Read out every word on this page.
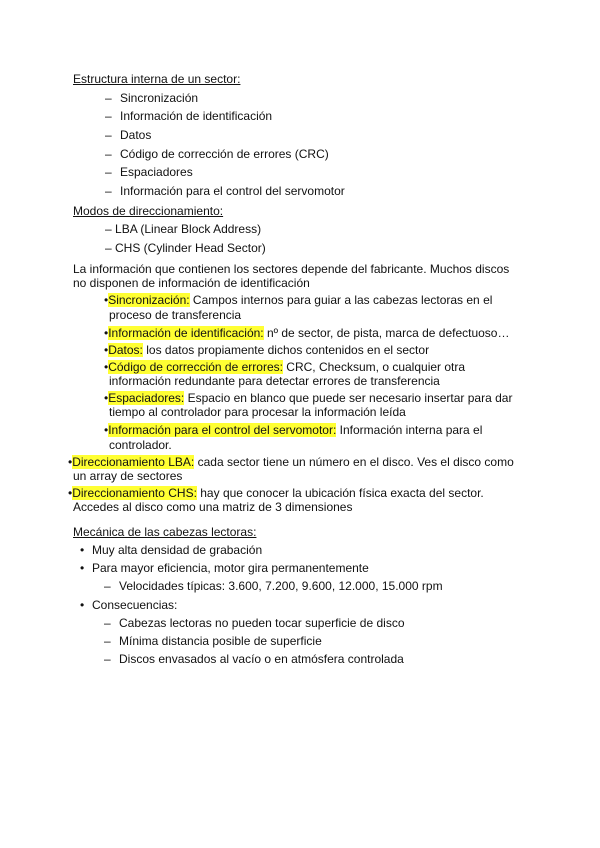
Estructura interna de un sector:
– Sincronización
– Información de identificación
– Datos
– Código de corrección de errores (CRC)
– Espaciadores
– Información para el control del servomotor
Modos de direccionamiento:
– LBA (Linear Block Address)
– CHS (Cylinder Head Sector)
La información que contienen los sectores depende del fabricante. Muchos discos
no disponen de información de identificación
• Sincronización: Campos internos para guiar a las cabezas lectoras en el
proceso de transferencia
• Información de identificación: nº de sector, de pista, marca de defectuoso…
• Datos: los datos propiamente dichos contenidos en el sector
• Código de corrección de errores: CRC, Checksum, o cualquier otra
información redundante para detectar errores de transferencia
• Espaciadores: Espacio en blanco que puede ser necesario insertar para dar
tiempo al controlador para procesar la información leída
• Información para el control del servomotor: Información interna para el
controlador.
• Direccionamiento LBA: cada sector tiene un número en el disco. Ves el disco como
un array de sectores
• Direccionamiento CHS: hay que conocer la ubicación física exacta del sector.
Accedes al disco como una matriz de 3 dimensiones
Mecánica de las cabezas lectoras:
• Muy alta densidad de grabación
• Para mayor eficiencia, motor gira permanentemente
– Velocidades típicas: 3.600, 7.200, 9.600, 12.000, 15.000 rpm
• Consecuencias:
– Cabezas lectoras no pueden tocar superficie de disco
– Mínima distancia posible de superficie
– Discos envasados al vacío o en atmósfera controlada
